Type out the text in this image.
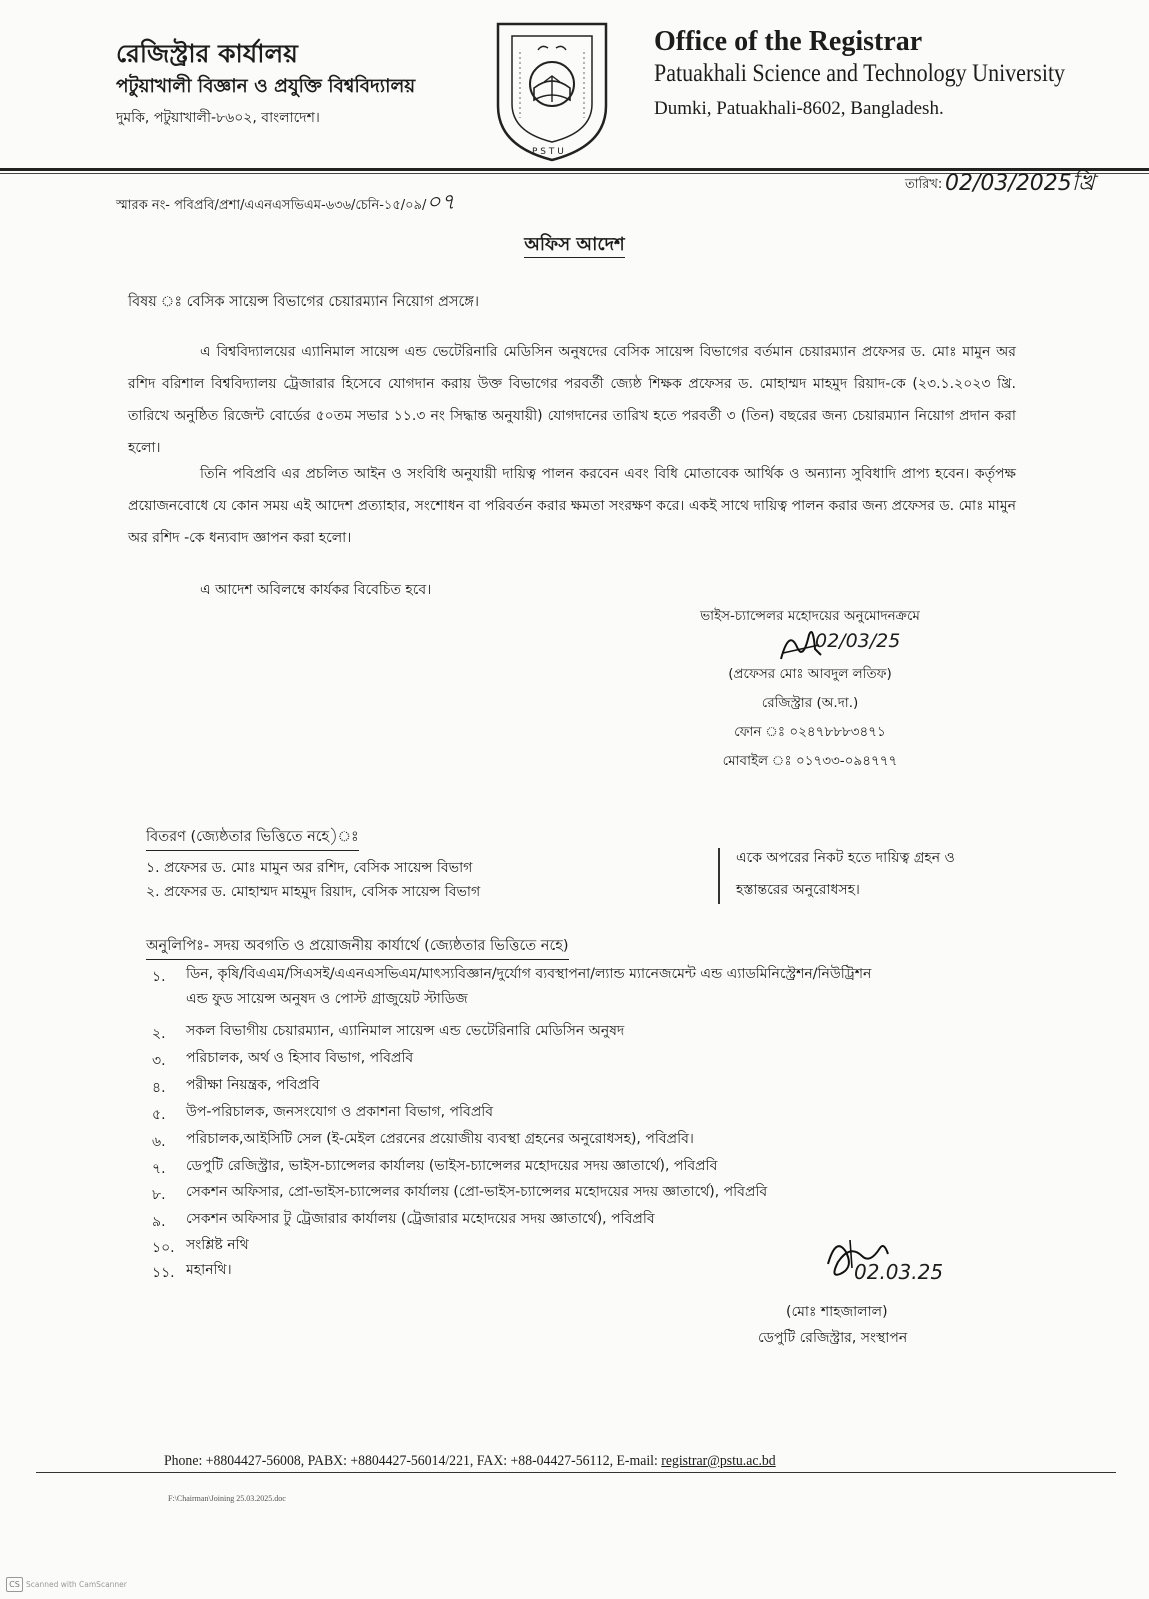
রেজিস্ট্রার কার্যালয়
পটুয়াখালী বিজ্ঞান ও প্রযুক্তি বিশ্ববিদ্যালয়
দুমকি, পটুয়াখালী-৮৬০২, বাংলাদেশ।
P S T U
Office of the Registrar
Patuakhali Science and Technology University
Dumki, Patuakhali-8602, Bangladesh.
স্মারক নং- পবিপ্রবি/প্রশা/এএনএসভিএম-৬৩৬/চেনি-১৫/০৯/০৭
তারিখ: 02/03/2025খ্রি
অফিস আদেশ
বিষয় ঃ বেসিক সায়েন্স বিভাগের চেয়ারম্যান নিয়োগ প্রসঙ্গে।
এ বিশ্ববিদ্যালয়ের এ্যানিমাল সায়েন্স এন্ড ভেটেরিনারি মেডিসিন অনুষদের বেসিক সায়েন্স বিভাগের বর্তমান চেয়ারম্যান প্রফেসর ড. মোঃ মামুন অর রশিদ বরিশাল বিশ্ববিদ্যালয় ট্রেজারার হিসেবে যোগদান করায় উক্ত বিভাগের পরবর্তী জ্যেষ্ঠ শিক্ষক প্রফেসর ড. মোহাম্মদ মাহমুদ রিয়াদ-কে (২৩.১.২০২৩ খ্রি. তারিখে অনুষ্ঠিত রিজেন্ট বোর্ডের ৫০তম সভার ১১.৩ নং সিদ্ধান্ত অনুযায়ী) যোগদানের তারিখ হতে পরবর্তী ৩ (তিন) বছরের জন্য চেয়ারম্যান নিয়োগ প্রদান করা হলো।
তিনি পবিপ্রবি এর প্রচলিত আইন ও সংবিধি অনুযায়ী দায়িত্ব পালন করবেন এবং বিধি মোতাবেক আর্থিক ও অন্যান্য সুবিধাদি প্রাপ্য হবেন। কর্তৃপক্ষ প্রয়োজনবোধে যে কোন সময় এই আদেশ প্রত্যাহার, সংশোধন বা পরিবর্তন করার ক্ষমতা সংরক্ষণ করে। একই সাথে দায়িত্ব পালন করার জন্য প্রফেসর ড. মোঃ মামুন অর রশিদ -কে ধন্যবাদ জ্ঞাপন করা হলো।
এ আদেশ অবিলম্বে কার্যকর বিবেচিত হবে।
ভাইস-চ্যান্সেলর মহোদয়ের অনুমোদনক্রমে
(প্রফেসর মোঃ আবদুল লতিফ)
রেজিস্ট্রার (অ.দা.)
ফোন ঃ ০২৪৭৮৮৮৩৪৭১
মোবাইল ঃ ০১৭৩৩-০৯৪৭৭৭
02/03/25
বিতরণ (জ্যেষ্ঠতার ভিত্তিতে নহে)ঃ
১. প্রফেসর ড. মোঃ মামুন অর রশিদ, বেসিক সায়েন্স বিভাগ
২. প্রফেসর ড. মোহাম্মদ মাহমুদ রিয়াদ, বেসিক সায়েন্স বিভাগ
একে অপরের নিকট হতে দায়িত্ব গ্রহন ও
হস্তান্তরের অনুরোধসহ।
অনুলিপিঃ- সদয় অবগতি ও প্রয়োজনীয় কার্যার্থে (জ্যেষ্ঠতার ভিত্তিতে নহে)
১. ডিন, কৃষি/বিএএম/সিএসই/এএনএসভিএম/মাৎস্যবিজ্ঞান/দুর্যোগ ব্যবস্থাপনা/ল্যান্ড ম্যানেজমেন্ট এন্ড এ্যাডমিনিস্ট্রেশন/নিউট্রিশন
এন্ড ফুড সায়েন্স অনুষদ ও পোস্ট গ্রাজুয়েট স্টাডিজ
২. সকল বিভাগীয় চেয়ারম্যান, এ্যানিমাল সায়েন্স এন্ড ভেটেরিনারি মেডিসিন অনুষদ
৩. পরিচালক, অর্থ ও হিসাব বিভাগ, পবিপ্রবি
৪. পরীক্ষা নিয়ন্ত্রক, পবিপ্রবি
৫. উপ-পরিচালক, জনসংযোগ ও প্রকাশনা বিভাগ, পবিপ্রবি
৬. পরিচালক,আইসিটি সেল (ই-মেইল প্রেরনের প্রয়োজীয় ব্যবস্থা গ্রহনের অনুরোধসহ), পবিপ্রবি।
৭. ডেপুটি রেজিস্ট্রার, ভাইস-চ্যান্সেলর কার্যালয় (ভাইস-চ্যান্সেলর মহোদয়ের সদয় জ্ঞাতার্থে), পবিপ্রবি
৮. সেকশন অফিসার, প্রো-ভাইস-চ্যান্সেলর কার্যালয় (প্রো-ভাইস-চ্যান্সেলর মহোদয়ের সদয় জ্ঞাতার্থে), পবিপ্রবি
৯. সেকশন অফিসার টু ট্রেজারার কার্যালয় (ট্রেজারার মহোদয়ের সদয় জ্ঞাতার্থে), পবিপ্রবি
১০. সংশ্লিষ্ট নথি
১১. মহানথি।	02.03.25
(মোঃ শাহজালাল)
ডেপুটি রেজিস্ট্রার, সংস্থাপন
Phone: +8804427-56008, PABX: +8804427-56014/221, FAX: +88-04427-56112, E-mail: registrar@pstu.ac.bd
F:\Chairman\Joining 25.03.2025.doc
CS Scanned with CamScanner
